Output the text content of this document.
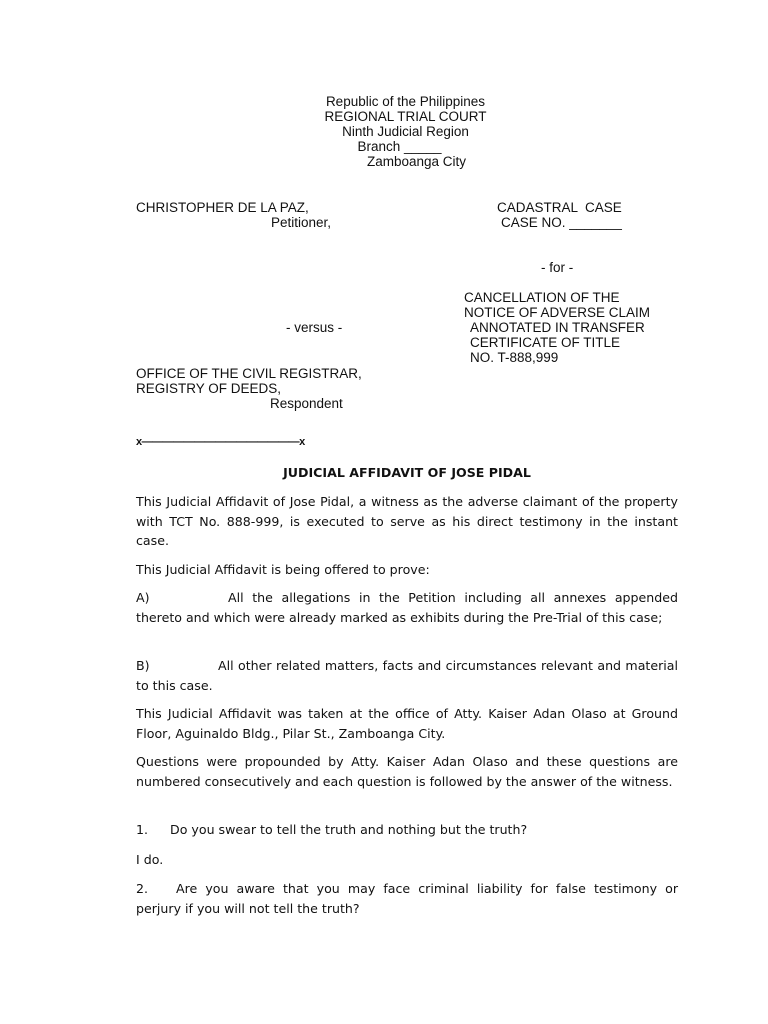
Republic of the Philippines
REGIONAL TRIAL COURT
Ninth Judicial Region
Branch _____
Zamboanga City

CHRISTOPHER DE LA PAZ,

Petitioner,

- versus -

OFFICE OF THE CIVIL REGISTRAR,

REGISTRY OF DEEDS,

Respondent

CADASTRAL  CASE

CASE NO. _______

- for -

CANCELLATION OF THE
NOTICE OF ADVERSE CLAIM
ANNOTATED IN TRANSFER
CERTIFICATE OF TITLE
NO. T-888,999
x———————————————x
JUDICIAL AFFIDAVIT OF JOSE PIDAL

This Judicial Affidavit of Jose Pidal, a witness as the adverse claimant of the property with TCT No. 888-999, is executed to serve as his direct testimony in the instant case.

This Judicial Affidavit is being offered to prove:

A)	All the allegations in the Petition including all annexes appended thereto and which were already marked as exhibits during the Pre-Trial of this case;

B)	All other related matters, facts and circumstances relevant and material to this case.

This Judicial Affidavit was taken at the office of Atty. Kaiser Adan Olaso at Ground Floor, Aguinaldo Bldg., Pilar St., Zamboanga City.

Questions were propounded by Atty. Kaiser Adan Olaso and these questions are numbered consecutively and each question is followed by the answer of the witness.

1. Do you swear to tell the truth and nothing but the truth?

I do.

2. Are you aware that you may face criminal liability for false testimony or perjury if you will not tell the truth?
